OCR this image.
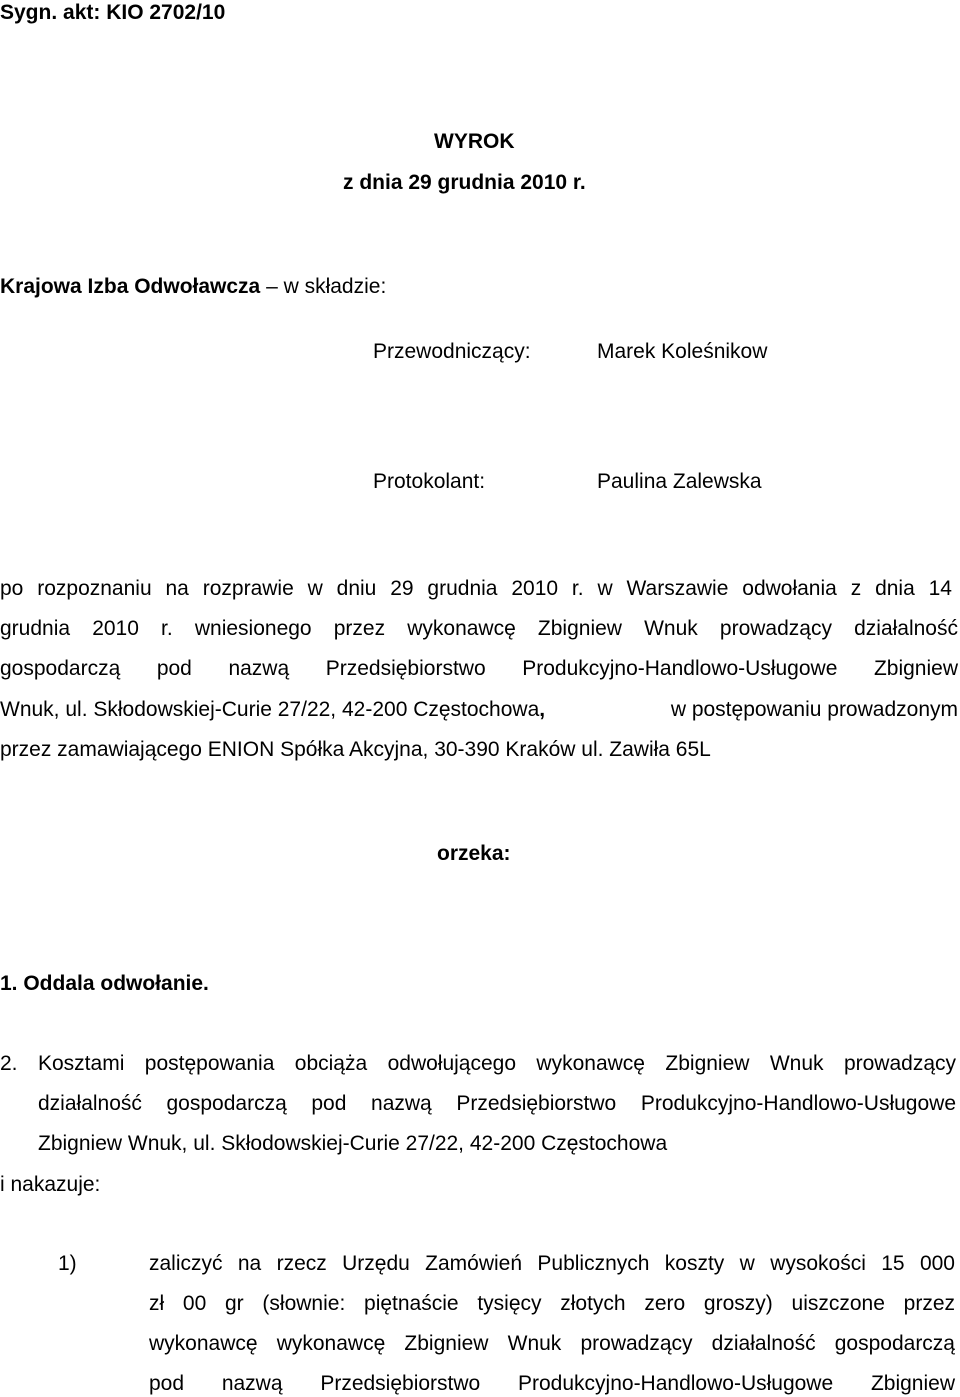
Sygn. akt: KIO 2702/10
WYROK
z dnia 29 grudnia 2010 r.
Krajowa Izba Odwoławcza – w składzie:
Przewodniczący:	Marek Koleśnikow
Protokolant:	Paulina Zalewska
po rozpoznaniu na rozprawie w dniu 29 grudnia 2010 r. w Warszawie odwołania z dnia 14
grudnia 2010 r. wniesionego przez wykonawcę Zbigniew Wnuk prowadzący działalność
gospodarczą pod nazwą Przedsiębiorstwo Produkcyjno-Handlowo-Usługowe Zbigniew
Wnuk, ul. Skłodowskiej-Curie 27/22, 42-200 Częstochowa,	w postępowaniu prowadzonym
przez zamawiającego ENION Spółka Akcyjna, 30-390 Kraków ul. Zawiła 65L
orzeka:
1. Oddala odwołanie.
2. Kosztami postępowania obciąża odwołującego wykonawcę Zbigniew Wnuk prowadzący
działalność gospodarczą pod nazwą Przedsiębiorstwo Produkcyjno-Handlowo-Usługowe
Zbigniew Wnuk, ul. Skłodowskiej-Curie 27/22, 42-200 Częstochowa
i nakazuje:
1)	zaliczyć na rzecz Urzędu Zamówień Publicznych koszty w wysokości 15 000
zł 00 gr (słownie: piętnaście tysięcy złotych zero groszy) uiszczone przez
wykonawcę wykonawcę Zbigniew Wnuk prowadzący działalność gospodarczą
pod nazwą Przedsiębiorstwo Produkcyjno-Handlowo-Usługowe Zbigniew
